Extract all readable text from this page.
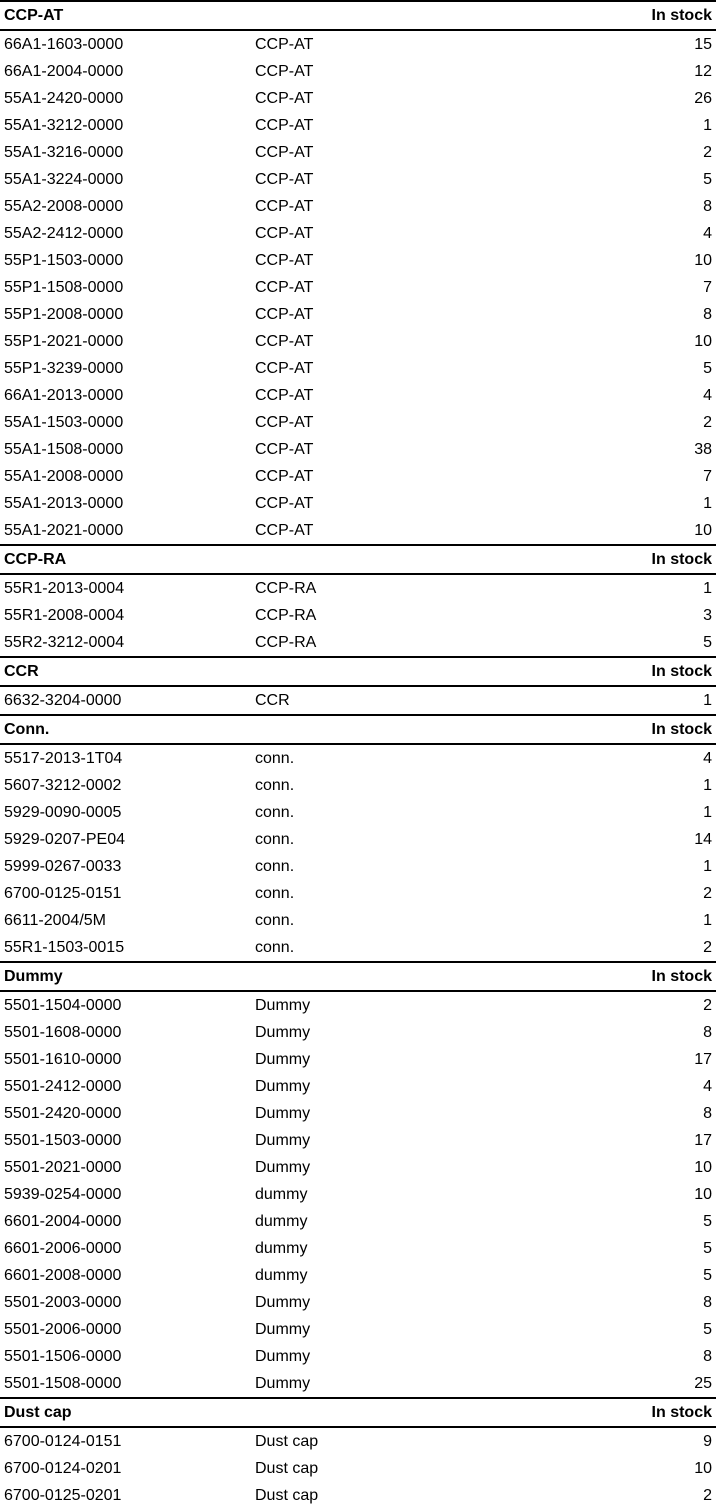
CCP-AT	In stock
66A1-1603-0000	CCP-AT	15
66A1-2004-0000	CCP-AT	12
55A1-2420-0000	CCP-AT	26
55A1-3212-0000	CCP-AT	1
55A1-3216-0000	CCP-AT	2
55A1-3224-0000	CCP-AT	5
55A2-2008-0000	CCP-AT	8
55A2-2412-0000	CCP-AT	4
55P1-1503-0000	CCP-AT	10
55P1-1508-0000	CCP-AT	7
55P1-2008-0000	CCP-AT	8
55P1-2021-0000	CCP-AT	10
55P1-3239-0000	CCP-AT	5
66A1-2013-0000	CCP-AT	4
55A1-1503-0000	CCP-AT	2
55A1-1508-0000	CCP-AT	38
55A1-2008-0000	CCP-AT	7
55A1-2013-0000	CCP-AT	1
55A1-2021-0000	CCP-AT	10
CCP-RA	In stock
55R1-2013-0004	CCP-RA	1
55R1-2008-0004	CCP-RA	3
55R2-3212-0004	CCP-RA	5
CCR	In stock
6632-3204-0000	CCR	1
Conn.	In stock
5517-2013-1T04	conn.	4
5607-3212-0002	conn.	1
5929-0090-0005	conn.	1
5929-0207-PE04	conn.	14
5999-0267-0033	conn.	1
6700-0125-0151	conn.	2
6611-2004/5M	conn.	1
55R1-1503-0015	conn.	2
Dummy	In stock
5501-1504-0000	Dummy	2
5501-1608-0000	Dummy	8
5501-1610-0000	Dummy	17
5501-2412-0000	Dummy	4
5501-2420-0000	Dummy	8
5501-1503-0000	Dummy	17
5501-2021-0000	Dummy	10
5939-0254-0000	dummy	10
6601-2004-0000	dummy	5
6601-2006-0000	dummy	5
6601-2008-0000	dummy	5
5501-2003-0000	Dummy	8
5501-2006-0000	Dummy	5
5501-1506-0000	Dummy	8
5501-1508-0000	Dummy	25
Dust cap	In stock
6700-0124-0151	Dust cap	9
6700-0124-0201	Dust cap	10
6700-0125-0201	Dust cap	2
